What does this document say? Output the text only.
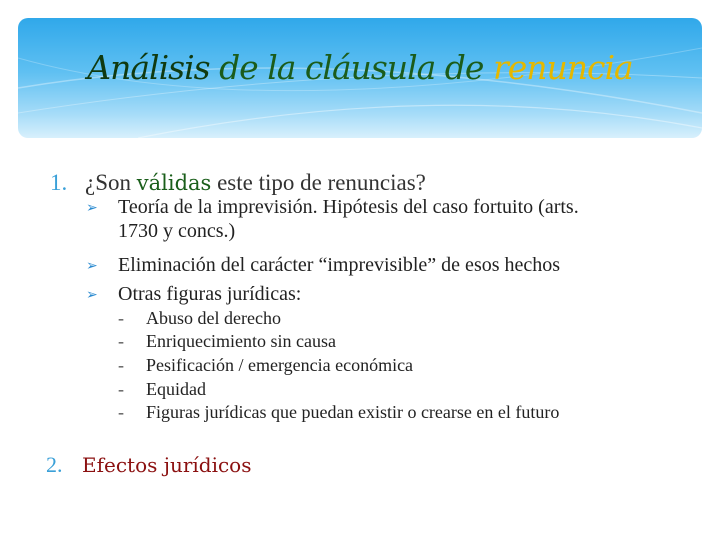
Análisis de la cláusula de renuncia
1. ¿Son válidas este tipo de renuncias?
➢ Teoría de la imprevisión. Hipótesis del caso fortuito (arts.
1730 y concs.)
➢ Eliminación del carácter “imprevisible” de esos hechos
➢ Otras figuras jurídicas:
- Abuso del derecho
- Enriquecimiento sin causa
- Pesificación / emergencia económica
- Equidad
- Figuras jurídicas que puedan existir o crearse en el futuro
2. Efectos jurídicos
